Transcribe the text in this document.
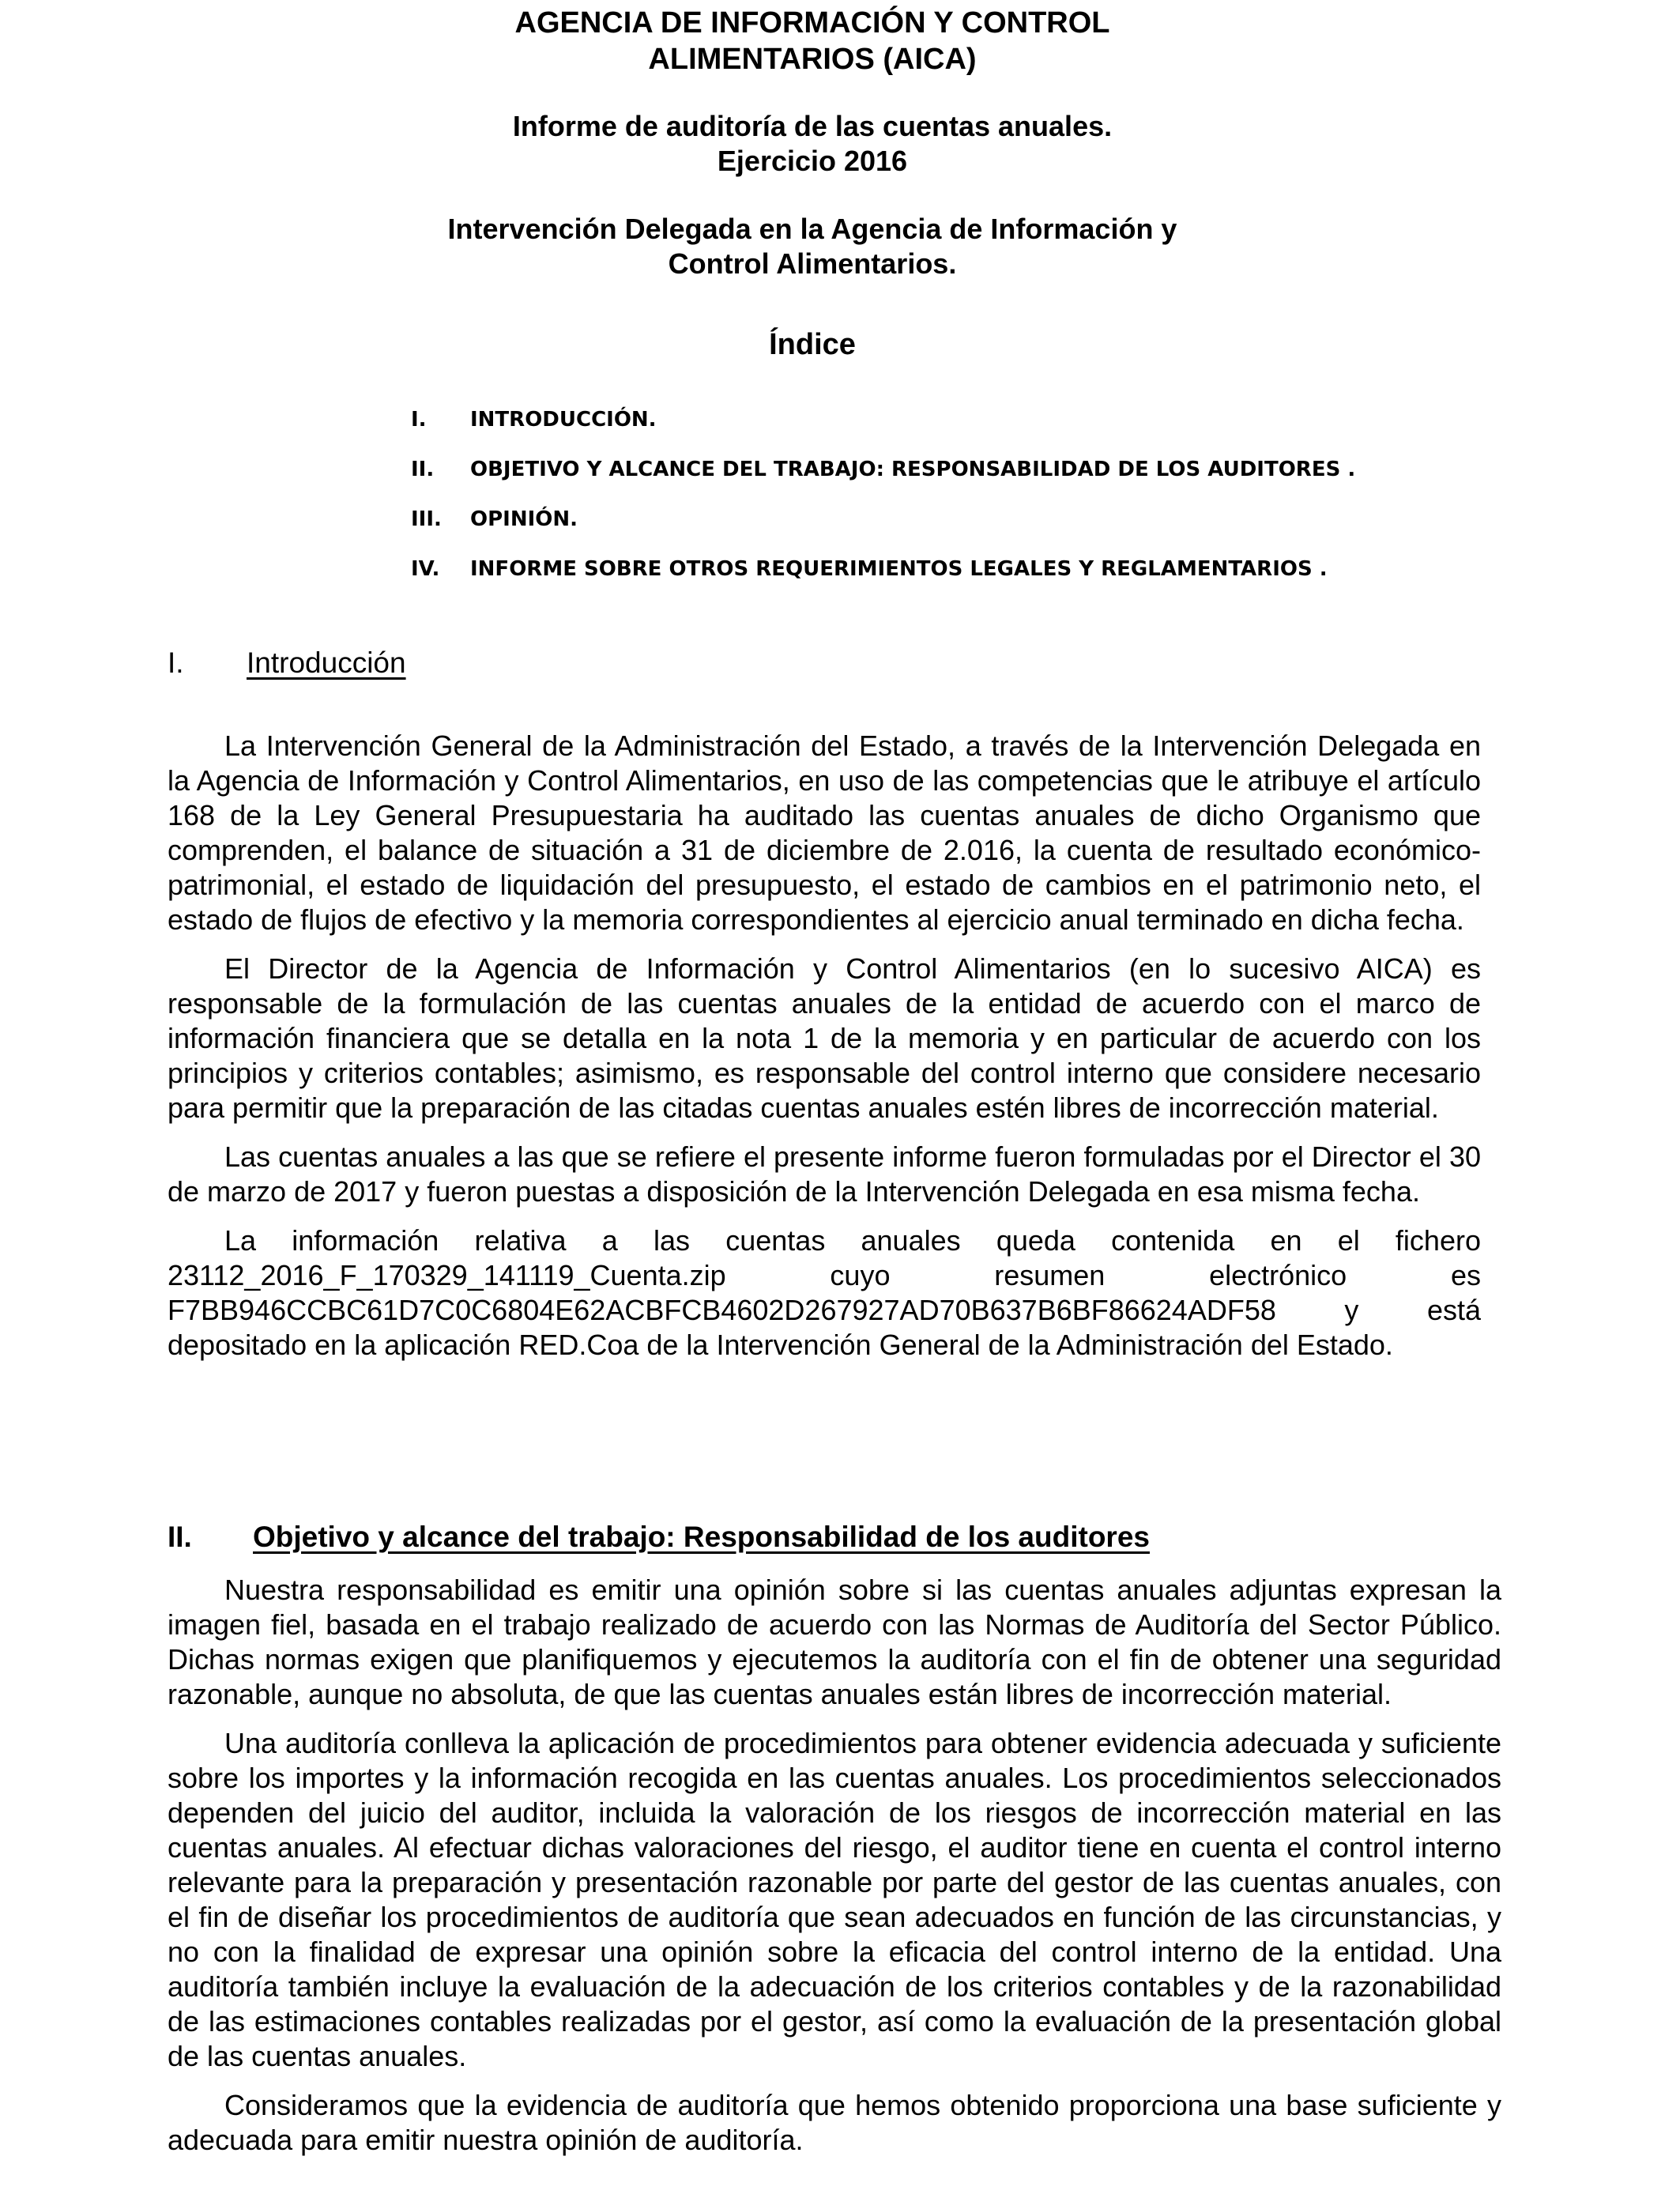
AGENCIA DE INFORMACIÓN Y CONTROL
ALIMENTARIOS (AICA)
Informe de auditoría de las cuentas anuales.
Ejercicio 2016
Intervención Delegada en la Agencia de Información y
Control Alimentarios.
Índice
I.	INTRODUCCIÓN.
II.	OBJETIVO Y ALCANCE DEL TRABAJO: RESPONSABILIDAD DE LOS AUDITORES .
III.	OPINIÓN.
IV.	INFORME SOBRE OTROS REQUERIMIENTOS LEGALES Y REGLAMENTARIOS .
I.	Introducción

La Intervención General de la Administración del Estado, a través de la Intervención Delegada en la Agencia de Información y Control Alimentarios, en uso de las competencias que le atribuye el artículo 168 de la Ley General Presupuestaria ha auditado las cuentas anuales de dicho Organismo que comprenden, el balance de situación a 31 de diciembre de 2.016, la cuenta de resultado económico-patrimonial, el estado de liquidación del presupuesto, el estado de cambios en el patrimonio neto, el estado de flujos de efectivo y la memoria correspondientes al ejercicio anual terminado en dicha fecha.

El Director de la Agencia de Información y Control Alimentarios (en lo sucesivo AICA) es responsable de la formulación de las cuentas anuales de la entidad de acuerdo con el marco de información financiera que se detalla en la nota 1 de la memoria y en particular de acuerdo con los principios y criterios contables; asimismo, es responsable del control interno que considere necesario para permitir que la preparación de las citadas cuentas anuales estén libres de incorrección material.

Las cuentas anuales a las que se refiere el presente informe fueron formuladas por el Director el 30 de marzo de 2017 y fueron puestas a disposición de la Intervención Delegada en esa misma fecha.

La información relativa a las cuentas anuales queda contenida en el fichero 23112_2016_F_170329_141119_Cuenta.zip	cuyo resumen electrónico es F7BB946CCBC61D7C0C6804E62ACBFCB4602D267927AD70B637B6BF86624ADF58 y está depositado en la aplicación RED.Coa de la Intervención General de la Administración del Estado.

II.	Objetivo y alcance del trabajo: Responsabilidad de los auditores

Nuestra responsabilidad es emitir una opinión sobre si las cuentas anuales adjuntas expresan la imagen fiel, basada en el trabajo realizado de acuerdo con las Normas de Auditoría del Sector Público. Dichas normas exigen que planifiquemos y ejecutemos la auditoría con el fin de obtener una seguridad razonable, aunque no absoluta, de que las cuentas anuales están libres de incorrección material.

Una auditoría conlleva la aplicación de procedimientos para obtener evidencia adecuada y suficiente sobre los importes y la información recogida en las cuentas anuales. Los procedimientos seleccionados dependen del juicio del auditor, incluida la valoración de los riesgos de incorrección material en las cuentas anuales. Al efectuar dichas valoraciones del riesgo, el auditor tiene en cuenta el control interno relevante para la preparación y presentación razonable por parte del gestor de las cuentas anuales, con el fin de diseñar los procedimientos de auditoría que sean adecuados en función de las circunstancias, y no con la finalidad de expresar una opinión sobre la eficacia del control interno de la entidad. Una auditoría también incluye la evaluación de la adecuación de los criterios contables y de la razonabilidad de las estimaciones contables realizadas por el gestor, así como la evaluación de la presentación global de las cuentas anuales.

Consideramos que la evidencia de auditoría que hemos obtenido proporciona una base suficiente y adecuada para emitir nuestra opinión de auditoría.
